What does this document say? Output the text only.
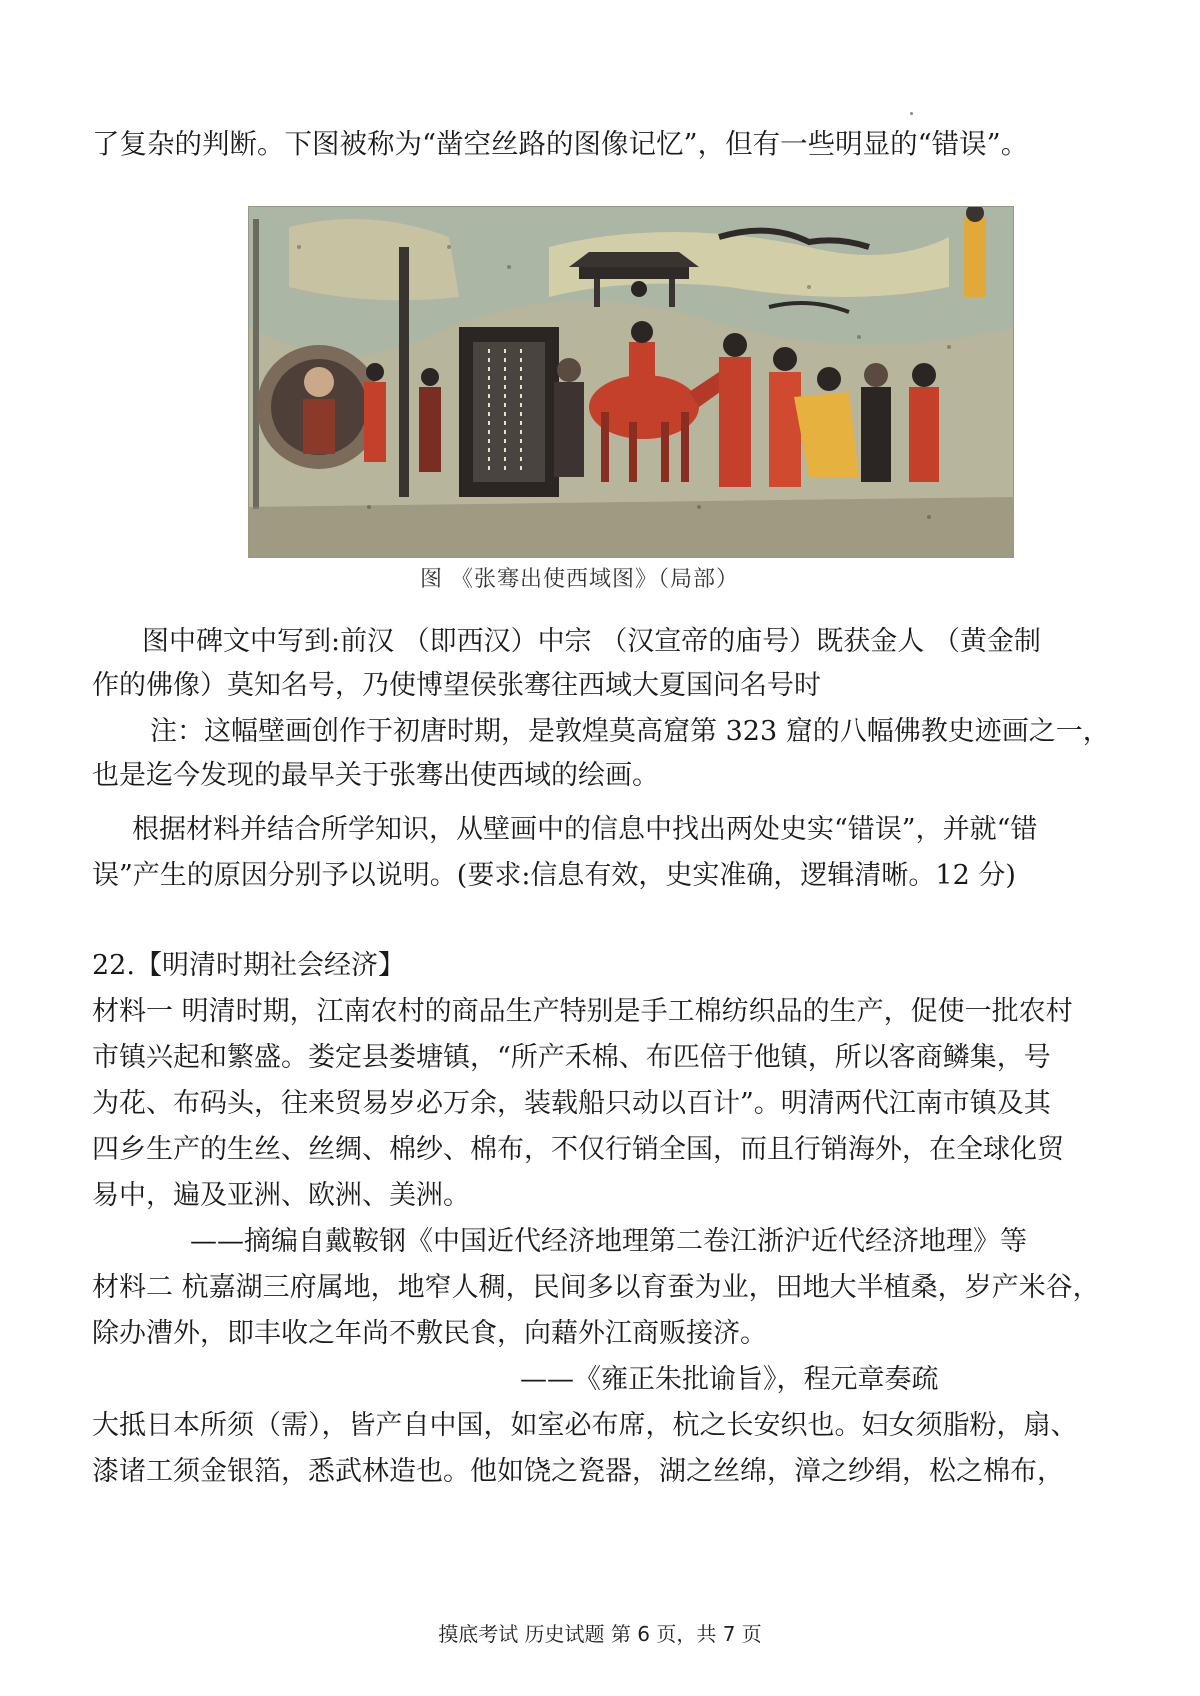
了复杂的判断。下图被称为“凿空丝路的图像记忆”，但有一些明显的“错误”。
图 《张骞出使西域图》（局部）
图中碑文中写到:前汉 （即西汉）中宗 （汉宣帝的庙号）既获金人 （黄金制
作的佛像）莫知名号，乃使博望侯张骞往西域大夏国问名号时
注：这幅壁画创作于初唐时期，是敦煌莫高窟第 323 窟的八幅佛教史迹画之一，
也是迄今发现的最早关于张骞出使西域的绘画。
根据材料并结合所学知识，从壁画中的信息中找出两处史实“错误”，并就“错
误”产生的原因分别予以说明。(要求:信息有效，史实准确，逻辑清晰。12 分)
22.【明清时期社会经济】
材料一 明清时期，江南农村的商品生产特别是手工棉纺织品的生产，促使一批农村
市镇兴起和繁盛。娄定县娄塘镇，“所产禾棉、布匹倍于他镇，所以客商鳞集，号
为花、布码头，往来贸易岁必万余，装载船只动以百计”。明清两代江南市镇及其
四乡生产的生丝、丝绸、棉纱、棉布，不仅行销全国，而且行销海外，在全球化贸
易中，遍及亚洲、欧洲、美洲。
——摘编自戴鞍钢《中国近代经济地理第二卷江浙沪近代经济地理》等
材料二 杭嘉湖三府属地，地窄人稠，民间多以育蚕为业，田地大半植桑，岁产米谷，
除办漕外，即丰收之年尚不敷民食，向藉外江商贩接济。
——《雍正朱批谕旨》，程元章奏疏
大抵日本所须（需），皆产自中国，如室必布席，杭之长安织也。妇女须脂粉，扇、
漆诸工须金银箔，悉武林造也。他如饶之瓷器，湖之丝绵，漳之纱绢，松之棉布，
摸底考试 历史试题 第 6 页，共 7 页
